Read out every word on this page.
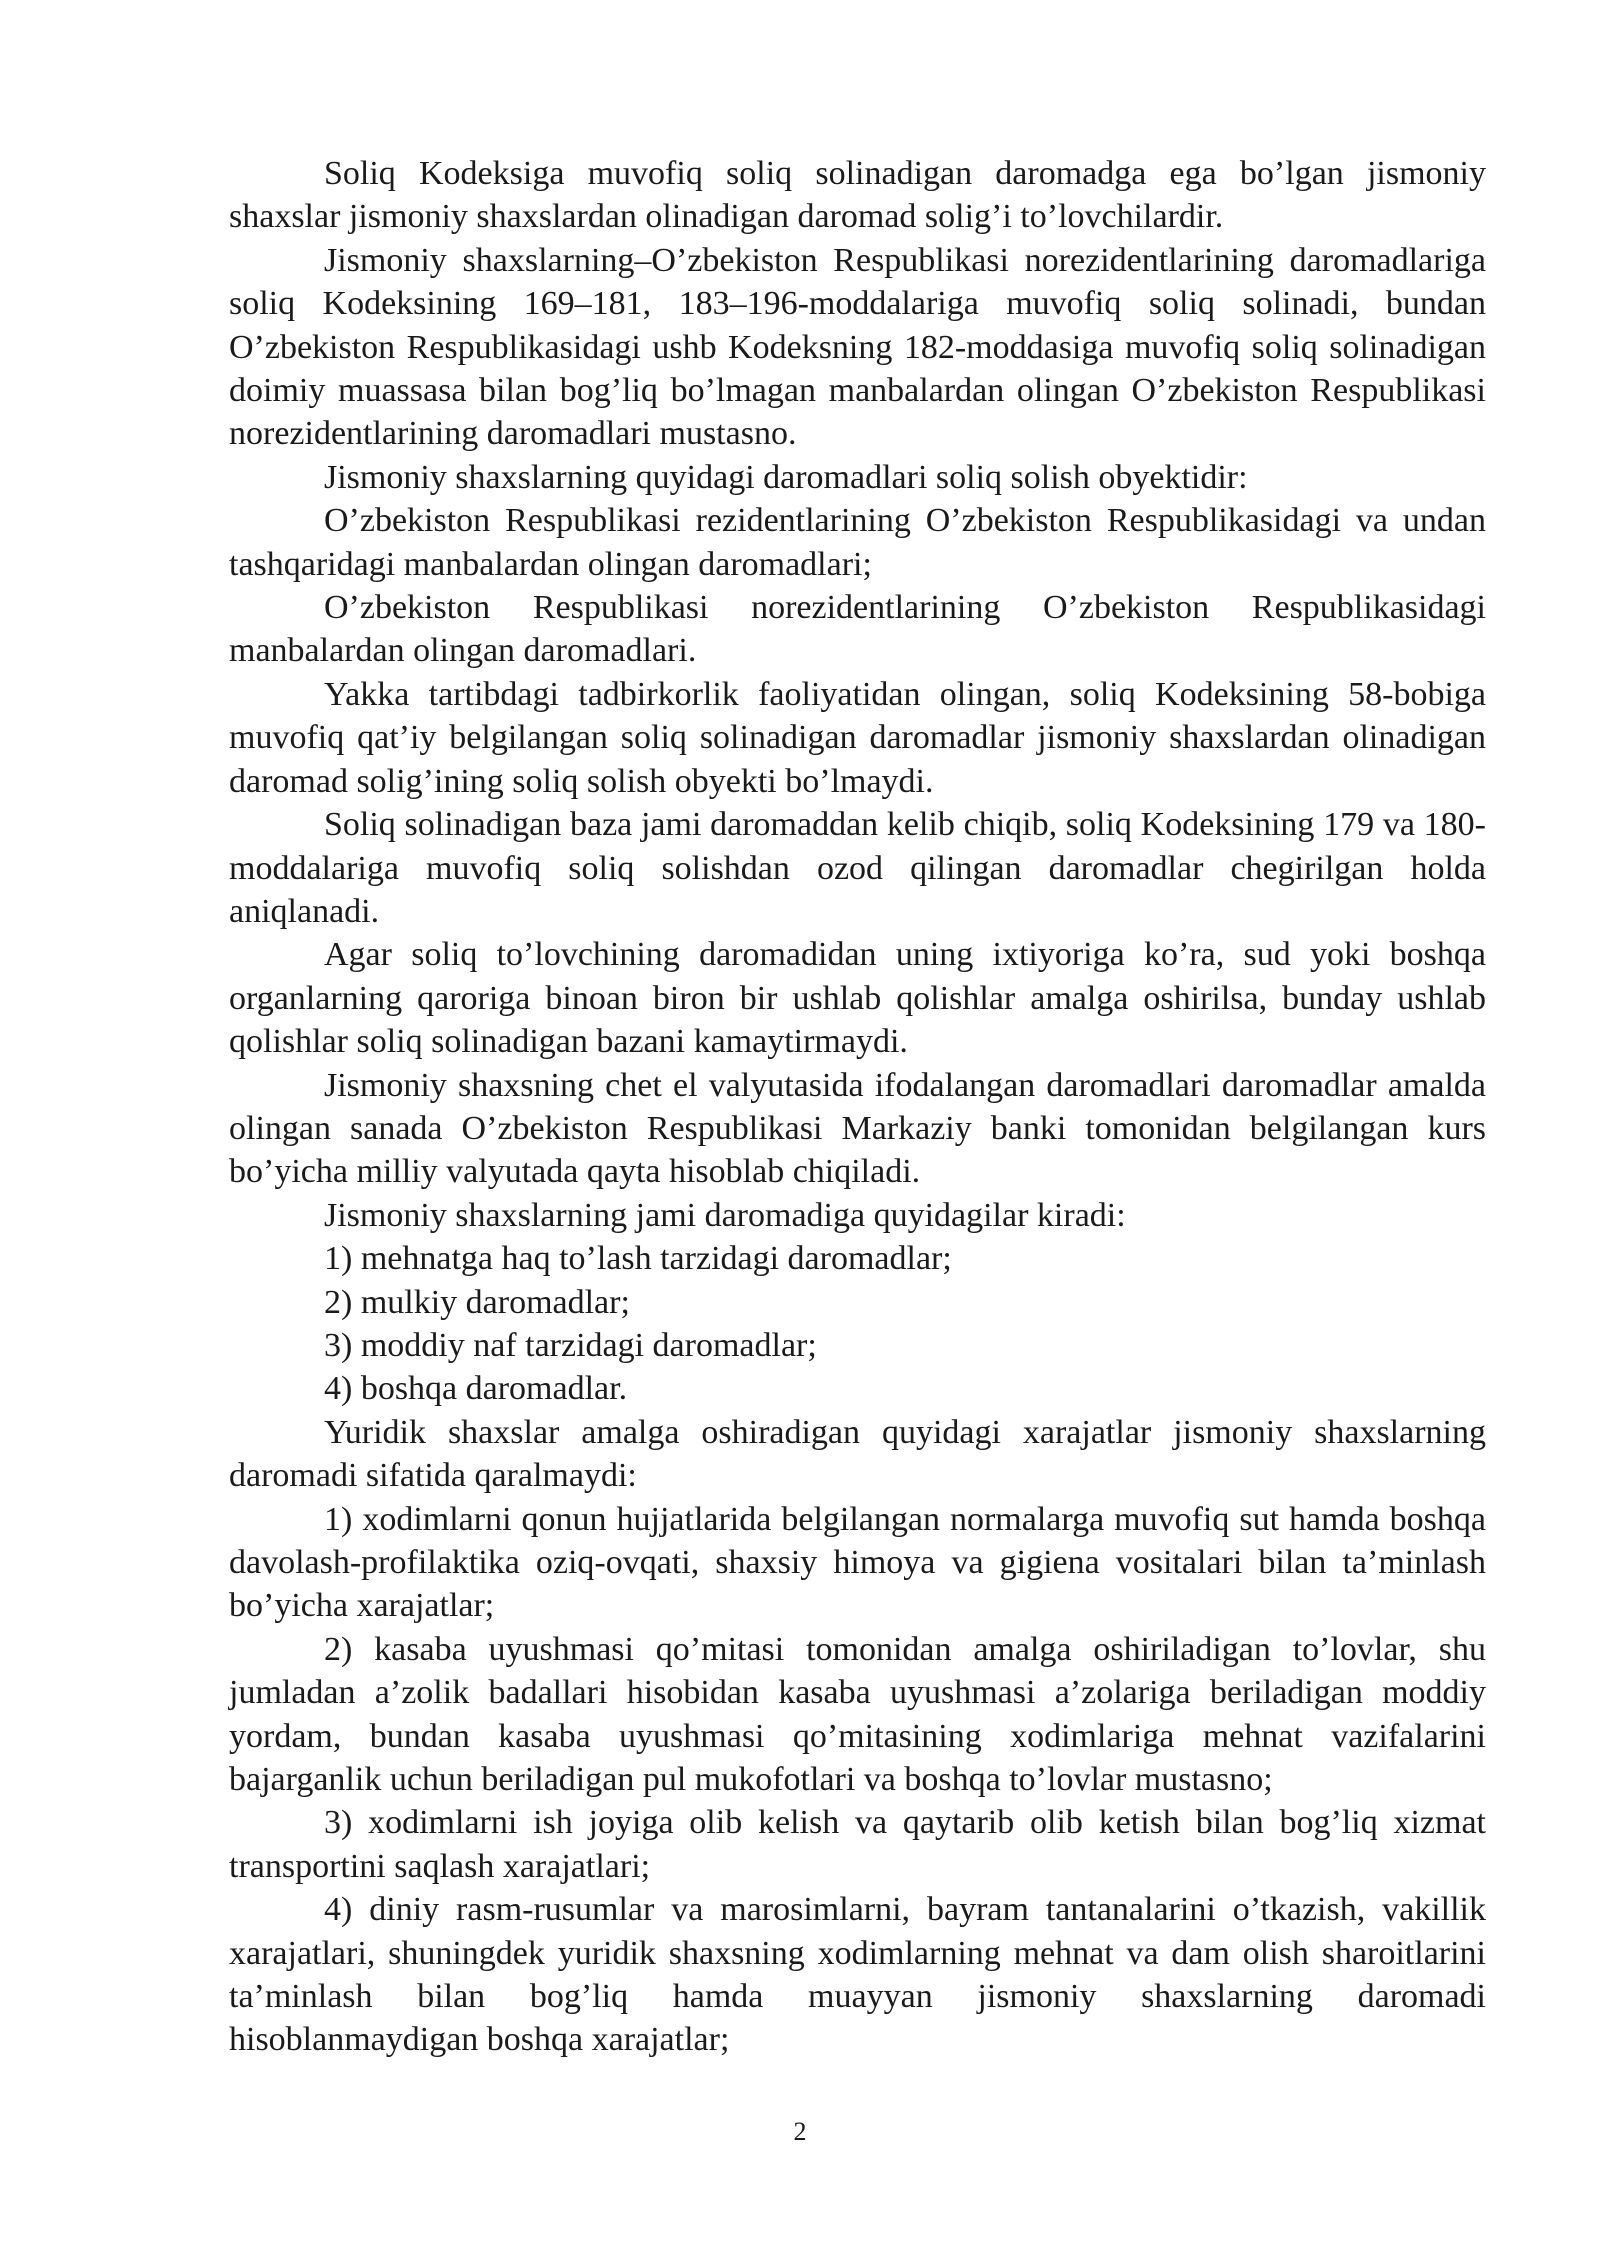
Soliq Kodeksiga muvofiq soliq solinadigan daromadga ega bo’lgan jismoniy shaxslar jismoniy shaxslardan olinadigan daromad solig’i to’lovchilardir.

Jismoniy shaxslarning–O’zbekiston Respublikasi norezidentlarining daromadlariga soliq Kodeksining 169–181, 183–196-moddalariga muvofiq soliq solinadi, bundan O’zbekiston Respublikasidagi ushb Kodeksning 182-moddasiga muvofiq soliq solinadigan doimiy muassasa bilan bog’liq bo’lmagan manbalardan olingan O’zbekiston Respublikasi norezidentlarining daromadlari mustasno.

Jismoniy shaxslarning quyidagi daromadlari soliq solish obyektidir:

O’zbekiston Respublikasi rezidentlarining O’zbekiston Respublikasidagi va undan tashqaridagi manbalardan olingan daromadlari;

O’zbekiston Respublikasi norezidentlarining O’zbekiston Respublikasidagi manbalardan olingan daromadlari.

Yakka tartibdagi tadbirkorlik faoliyatidan olingan, soliq Kodeksining 58-bobiga muvofiq qat’iy belgilangan soliq solinadigan daromadlar jismoniy shaxslardan olinadigan daromad solig’ining soliq solish obyekti bo’lmaydi.

Soliq solinadigan baza jami daromaddan kelib chiqib, soliq Kodeksining 179 va 180-moddalariga muvofiq soliq solishdan ozod qilingan daromadlar chegirilgan holda aniqlanadi.

Agar soliq to’lovchining daromadidan uning ixtiyoriga ko’ra, sud yoki boshqa organlarning qaroriga binoan biron bir ushlab qolishlar amalga oshirilsa, bunday ushlab qolishlar soliq solinadigan bazani kamaytirmaydi.

Jismoniy shaxsning chet el valyutasida ifodalangan daromadlari daromadlar amalda olingan sanada O’zbekiston Respublikasi Markaziy banki tomonidan belgilangan kurs bo’yicha milliy valyutada qayta hisoblab chiqiladi.

Jismoniy shaxslarning jami daromadiga quyidagilar kiradi:

1) mehnatga haq to’lash tarzidagi daromadlar;

2) mulkiy daromadlar;

3) moddiy naf tarzidagi daromadlar;

4) boshqa daromadlar.

Yuridik shaxslar amalga oshiradigan quyidagi xarajatlar jismoniy shaxslarning daromadi sifatida qaralmaydi:

1) xodimlarni qonun hujjatlarida belgilangan normalarga muvofiq sut hamda boshqa davolash-profilaktika oziq-ovqati, shaxsiy himoya va gigiena vositalari bilan ta’minlash bo’yicha xarajatlar;

2) kasaba uyushmasi qo’mitasi tomonidan amalga oshiriladigan to’lovlar, shu jumladan a’zolik badallari hisobidan kasaba uyushmasi a’zolariga beriladigan moddiy yordam, bundan kasaba uyushmasi qo’mitasining xodimlariga mehnat vazifalarini bajarganlik uchun beriladigan pul mukofotlari va boshqa to’lovlar mustasno;

3) xodimlarni ish joyiga olib kelish va qaytarib olib ketish bilan bog’liq xizmat transportini saqlash xarajatlari;

4) diniy rasm-rusumlar va marosimlarni, bayram tantanalarini o’tkazish, vakillik xarajatlari, shuningdek yuridik shaxsning xodimlarning mehnat va dam olish sharoitlarini ta’minlash bilan bog’liq hamda muayyan jismoniy shaxslarning daromadi hisoblanmaydigan boshqa xarajatlar;

2
